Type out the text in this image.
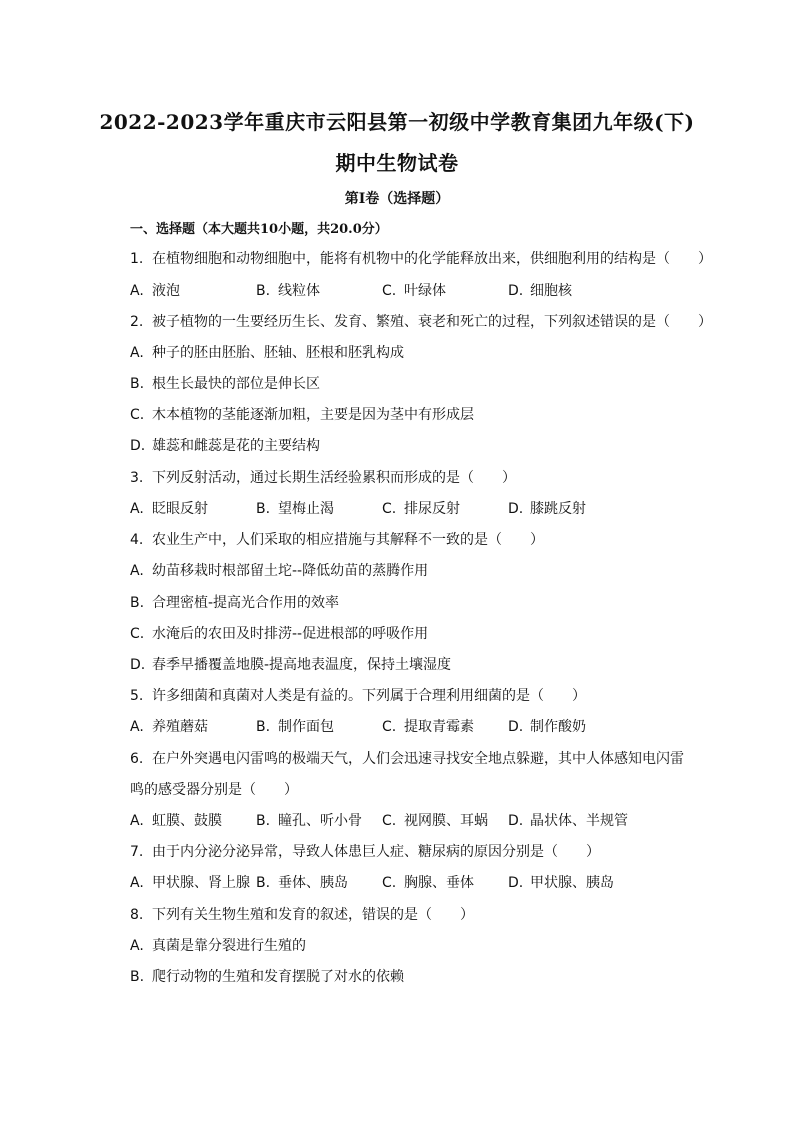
2022-2023学年重庆市云阳县第一初级中学教育集团九年级(下)
期中生物试卷
第I卷（选择题）
一、选择题（本大题共10小题，共20.0分）
1. 在植物细胞和动物细胞中，能将有机物中的化学能释放出来，供细胞利用的结构是（　　）
A. 液泡	B. 线粒体	C. 叶绿体	D. 细胞核
2. 被子植物的一生要经历生长、发育、繁殖、衰老和死亡的过程，下列叙述错误的是（　　）
A. 种子的胚由胚胎、胚轴、胚根和胚乳构成
B. 根生长最快的部位是伸长区
C. 木本植物的茎能逐渐加粗，主要是因为茎中有形成层
D. 雄蕊和雌蕊是花的主要结构
3. 下列反射活动，通过长期生活经验累积而形成的是（　　）
A. 眨眼反射	B. 望梅止渴	C. 排尿反射	D. 膝跳反射
4. 农业生产中，人们采取的相应措施与其解释不一致的是（　　）
A. 幼苗移栽时根部留土坨--降低幼苗的蒸腾作用
B. 合理密植-提高光合作用的效率
C. 水淹后的农田及时排涝--促进根部的呼吸作用
D. 春季早播覆盖地膜-提高地表温度，保持土壤湿度
5. 许多细菌和真菌对人类是有益的。下列属于合理利用细菌的是（　　）
A. 养殖蘑菇	B. 制作面包	C. 提取青霉素 D. 制作酸奶
6. 在户外突遇电闪雷鸣的极端天气，人们会迅速寻找安全地点躲避，其中人体感知电闪雷
鸣的感受器分别是（　　）
A. 虹膜、鼓膜 B. 瞳孔、听小骨 C. 视网膜、耳蜗 D. 晶状体、半规管
7. 由于内分泌分泌异常，导致人体患巨人症、糖尿病的原因分别是（　　）
A. 甲状腺、肾上腺 B. 垂体、胰岛 C. 胸腺、垂体 D. 甲状腺、胰岛
8. 下列有关生物生殖和发育的叙述，错误的是（　　）
A. 真菌是靠分裂进行生殖的
B. 爬行动物的生殖和发育摆脱了对水的依赖
